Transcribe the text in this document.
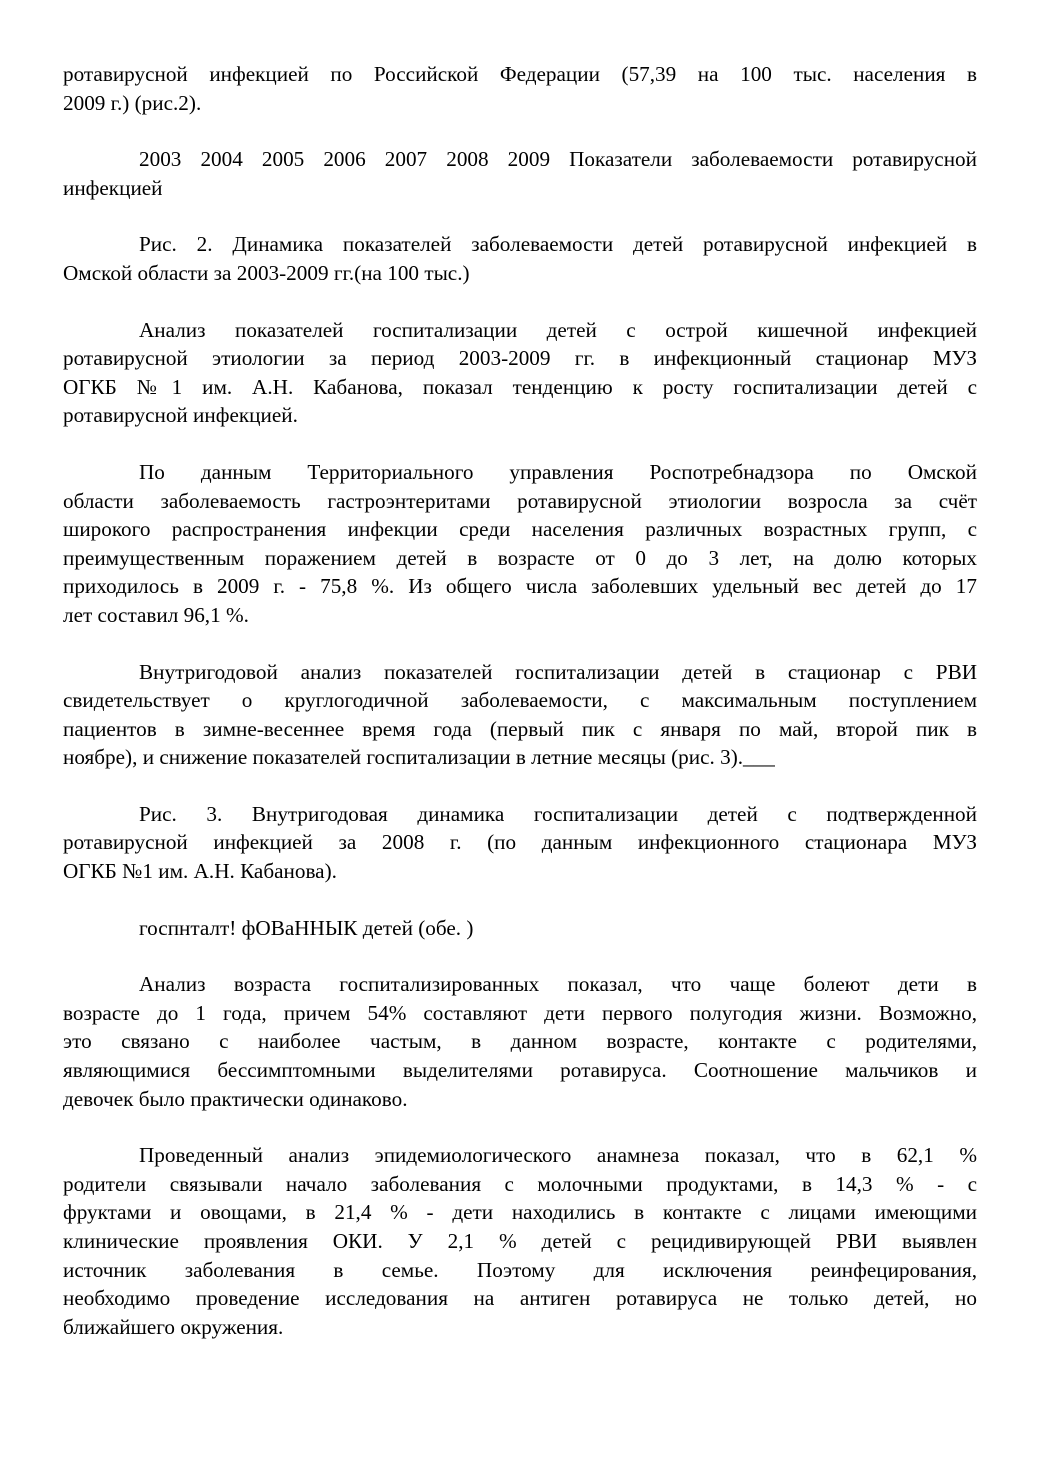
ротавирусной инфекцией по Российской Федерации (57,39 на 100 тыс. населения в
2009 г.) (рис.2).

2003 2004 2005 2006 2007 2008 2009 Показатели заболеваемости ротавирусной
инфекцией

Рис. 2. Динамика показателей заболеваемости детей ротавирусной инфекцией в
Омской области за 2003-2009 гг.(на 100 тыс.)

Анализ показателей госпитализации детей с острой кишечной инфекцией
ротавирусной этиологии за период 2003-2009 гг. в инфекционный стационар МУЗ
ОГКБ №1 им. А.Н. Кабанова, показал тенденцию к росту госпитализации детей с
ротавирусной инфекцией.

По данным Территориального управления Роспотребнадзора по Омской
области заболеваемость гастроэнтеритами ротавирусной этиологии возросла за счёт
широкого распространения инфекции среди населения различных возрастных групп, с
преимущественным поражением детей в возрасте от 0 до 3 лет, на долю которых
приходилось в 2009 г. - 75,8 %. Из общего числа заболевших удельный вес детей до 17
лет составил 96,1 %.

Внутригодовой анализ показателей госпитализации детей в стационар с РВИ
свидетельствует о круглогодичной заболеваемости, с максимальным поступлением
пациентов в зимне-весеннее время года (первый пик с января по май, второй пик в
ноябре), и снижение показателей госпитализации в летние месяцы (рис. 3).___

Рис. 3. Внутригодовая динамика госпитализации детей с подтвержденной
ротавирусной инфекцией за 2008 г. (по данным инфекционного стационара МУЗ
ОГКБ №1 им. А.Н. Кабанова).

госпнталт! фОВаННЫК детей (обе. )

Анализ возраста госпитализированных показал, что чаще болеют дети в
возрасте до 1 года, причем 54% составляют дети первого полугодия жизни. Возможно,
это связано с наиболее частым, в данном возрасте, контакте с родителями,
являющимися бессимптомными выделителями ротавируса. Соотношение мальчиков и
девочек было практически одинаково.

Проведенный анализ эпидемиологического анамнеза показал, что в 62,1 %
родители связывали начало заболевания с молочными продуктами, в 14,3 % - с
фруктами и овощами, в 21,4 % - дети находились в контакте с лицами имеющими
клинические проявления ОКИ. У 2,1 % детей с рецидивирующей РВИ выявлен
источник заболевания в семье. Поэтому для исключения реинфецирования,
необходимо проведение исследования на антиген ротавируса не только детей, но
ближайшего окружения.
